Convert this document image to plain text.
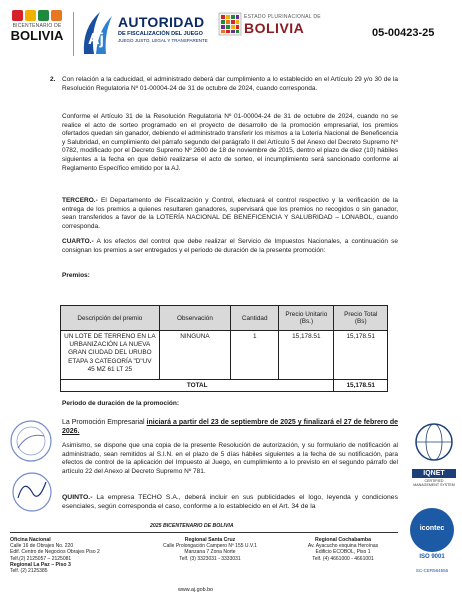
BICENTENARIO DE
BOLIVIA Aj
AUTORIDAD
DE FISCALIZACIÓN DEL JUEGO
JUEGO JUSTO, LEGAL Y TRANSPARENTE
ESTADO PLURINACIONAL DE
BOLIVIA	05-00423-25
2. Con relación a la caducidad, el administrado deberá dar cumplimiento a lo establecido en el Artículo 29 y/o 30 de la Resolución Regulatoria Nº 01-00004-24 de 31 de octubre de 2024, cuando corresponda.
Conforme el Artículo 31 de la Resolución Regulatoria Nº 01-00004-24 de 31 de octubre de 2024, cuando no se realice el acto de sorteo programado en el proyecto de desarrollo de la promoción empresarial, los premios ofertados quedan sin ganador, debiendo el administrado transferir los mismos a la Lotería Nacional de Beneficencia y Salubridad, en cumplimiento del párrafo segundo del parágrafo II del Artículo 5 del Anexo del Decreto Supremo Nº 0782, modificado por el Decreto Supremo Nº 2600 de 18 de noviembre de 2015, dentro el plazo de diez (10) hábiles siguientes a la fecha en que debió realizarse el acto de sorteo, el incumplimiento será sancionado conforme al Reglamento Específico emitido por la AJ.
TERCERO.- El Departamento de Fiscalización y Control, efectuará el control respectivo y la verificación de la entrega de los premios a quienes resultaren ganadores, supervisará que los premios no recogidos o sin ganador, sean transferidos a favor de la LOTERÍA NACIONAL DE BENEFICENCIA Y SALUBRIDAD – LONABOL, cuando corresponda.
CUARTO.- A los efectos del control que debe realizar el Servicio de Impuestos Nacionales, a continuación se consignan los premios a ser entregados y el periodo de duración de la presente promoción:
Premios:
Descripción del premio	Observación	Cantidad	Precio Unitario (Bs.)	Precio Total (Bs)
UN LOTE DE TERRENO EN LA URBANIZACIÓN LA NUEVA GRAN CIUDAD DEL URUBO ETAPA 3 CATEGORÍA "D"UV 45 MZ 61 LT 25	NINGUNA	1	15,178.51	15,178.51
TOTAL				15,178.51
Periodo de duración de la promoción:
La Promoción Empresarial iniciará a partir del 23 de septiembre de 2025 y finalizará el 27 de febrero de 2026.
Asimismo, se dispone que una copia de la presente Resolución de autorización, y su formulario de notificación al administrado, sean remitidos al S.I.N. en el plazo de 5 días hábiles siguientes a la fecha de su notificación, para efectos de control de la aplicación del Impuesto al Juego, en cumplimiento a lo previsto en el segundo párrafo del artículo 22 del Anexo al Decreto Supremo Nº 781.
QUINTO.- La empresa TECHO S.A., deberá incluir en sus publicidades el logo, leyenda y condiciones esenciales, según corresponda el caso, conforme a lo establecido en el Art. 34 de la
IQNET
CERTIFIED MANAGEMENT SYSTEM
icontec
ISO 9001
SC-CER564556
2025 BICENTENARIO DE BOLIVIA
Oficina Nacional
Calle 16 de Obrajes No. 220
Edif. Centro de Negocios Obrajes Piso 2
Telf.(2) 2125057 – 2125081
Regional La Paz – Piso 3
Telf. (2) 2125385
Regional Santa Cruz
Calle Prolongación Campero Nº 155 U.V.1
Manzana 7 Zona Norte
Telf. (3) 3323031 - 3333031
Regional Cochabamba
Av. Ayacucho esquina Heroínas
Edificio ECOBOL, Piso 1
Telf. (4) 4661000 - 4661001
www.aj.gob.bo
